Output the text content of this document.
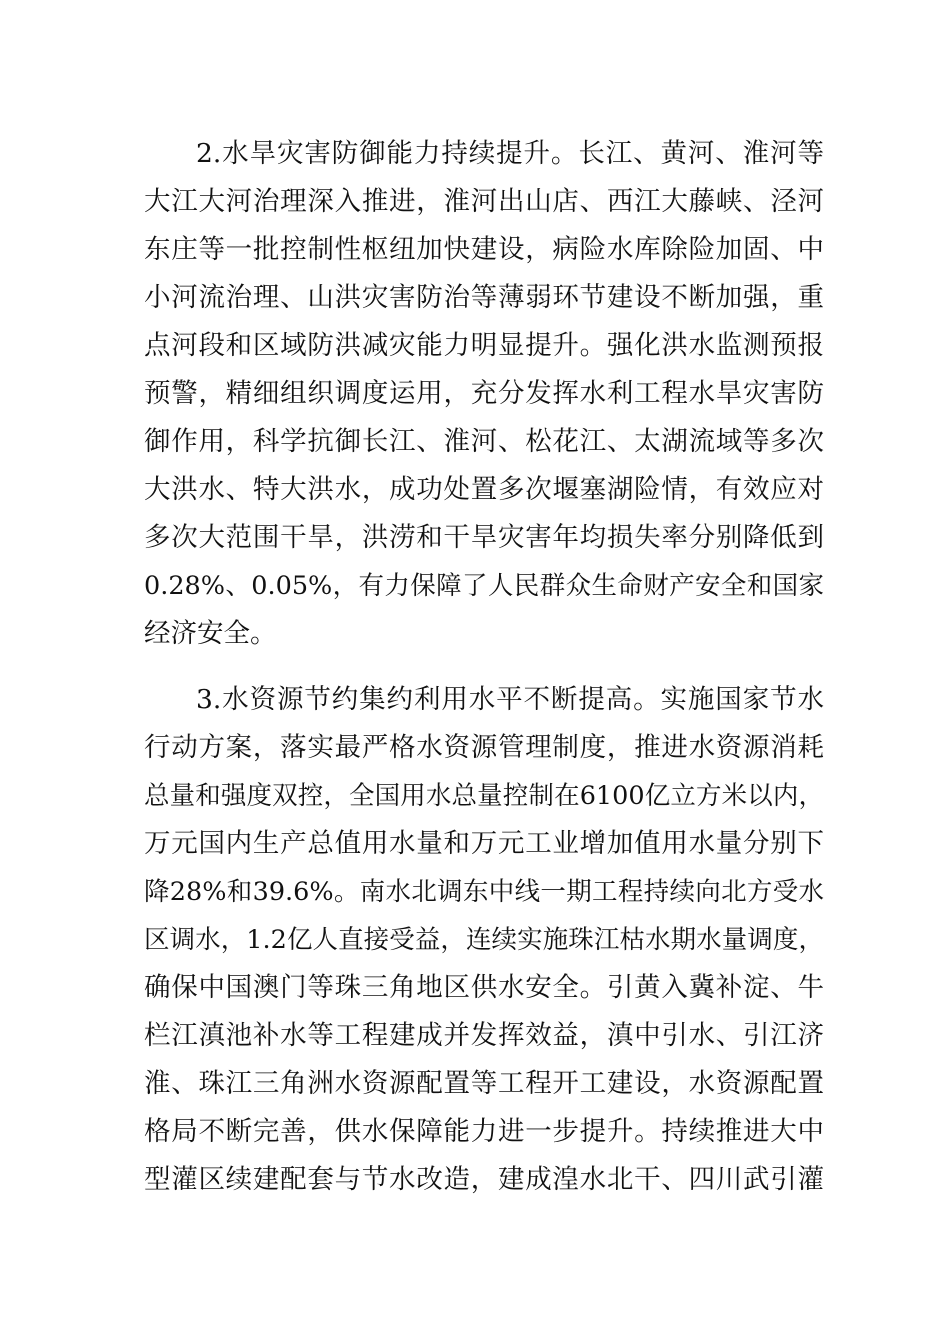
2.水旱灾害防御能力持续提升。长江、黄河、淮河等
大江大河治理深入推进，淮河出山店、西江大藤峡、泾河
东庄等一批控制性枢纽加快建设，病险水库除险加固、中
小河流治理、山洪灾害防治等薄弱环节建设不断加强，重
点河段和区域防洪减灾能力明显提升。强化洪水监测预报
预警，精细组织调度运用，充分发挥水利工程水旱灾害防
御作用，科学抗御长江、淮河、松花江、太湖流域等多次
大洪水、特大洪水，成功处置多次堰塞湖险情，有效应对
多次大范围干旱，洪涝和干旱灾害年均损失率分别降低到
0.28%、0.05%，有力保障了人民群众生命财产安全和国家
经济安全。
3.水资源节约集约利用水平不断提高。实施国家节水
行动方案，落实最严格水资源管理制度，推进水资源消耗
总量和强度双控，全国用水总量控制在6100亿立方米以内，
万元国内生产总值用水量和万元工业增加值用水量分别下
降28%和39.6%。南水北调东中线一期工程持续向北方受水
区调水，1.2亿人直接受益，连续实施珠江枯水期水量调度，
确保中国澳门等珠三角地区供水安全。引黄入冀补淀、牛
栏江滇池补水等工程建成并发挥效益，滇中引水、引江济
淮、珠江三角洲水资源配置等工程开工建设，水资源配置
格局不断完善，供水保障能力进一步提升。持续推进大中
型灌区续建配套与节水改造，建成湟水北干、四川武引灌
